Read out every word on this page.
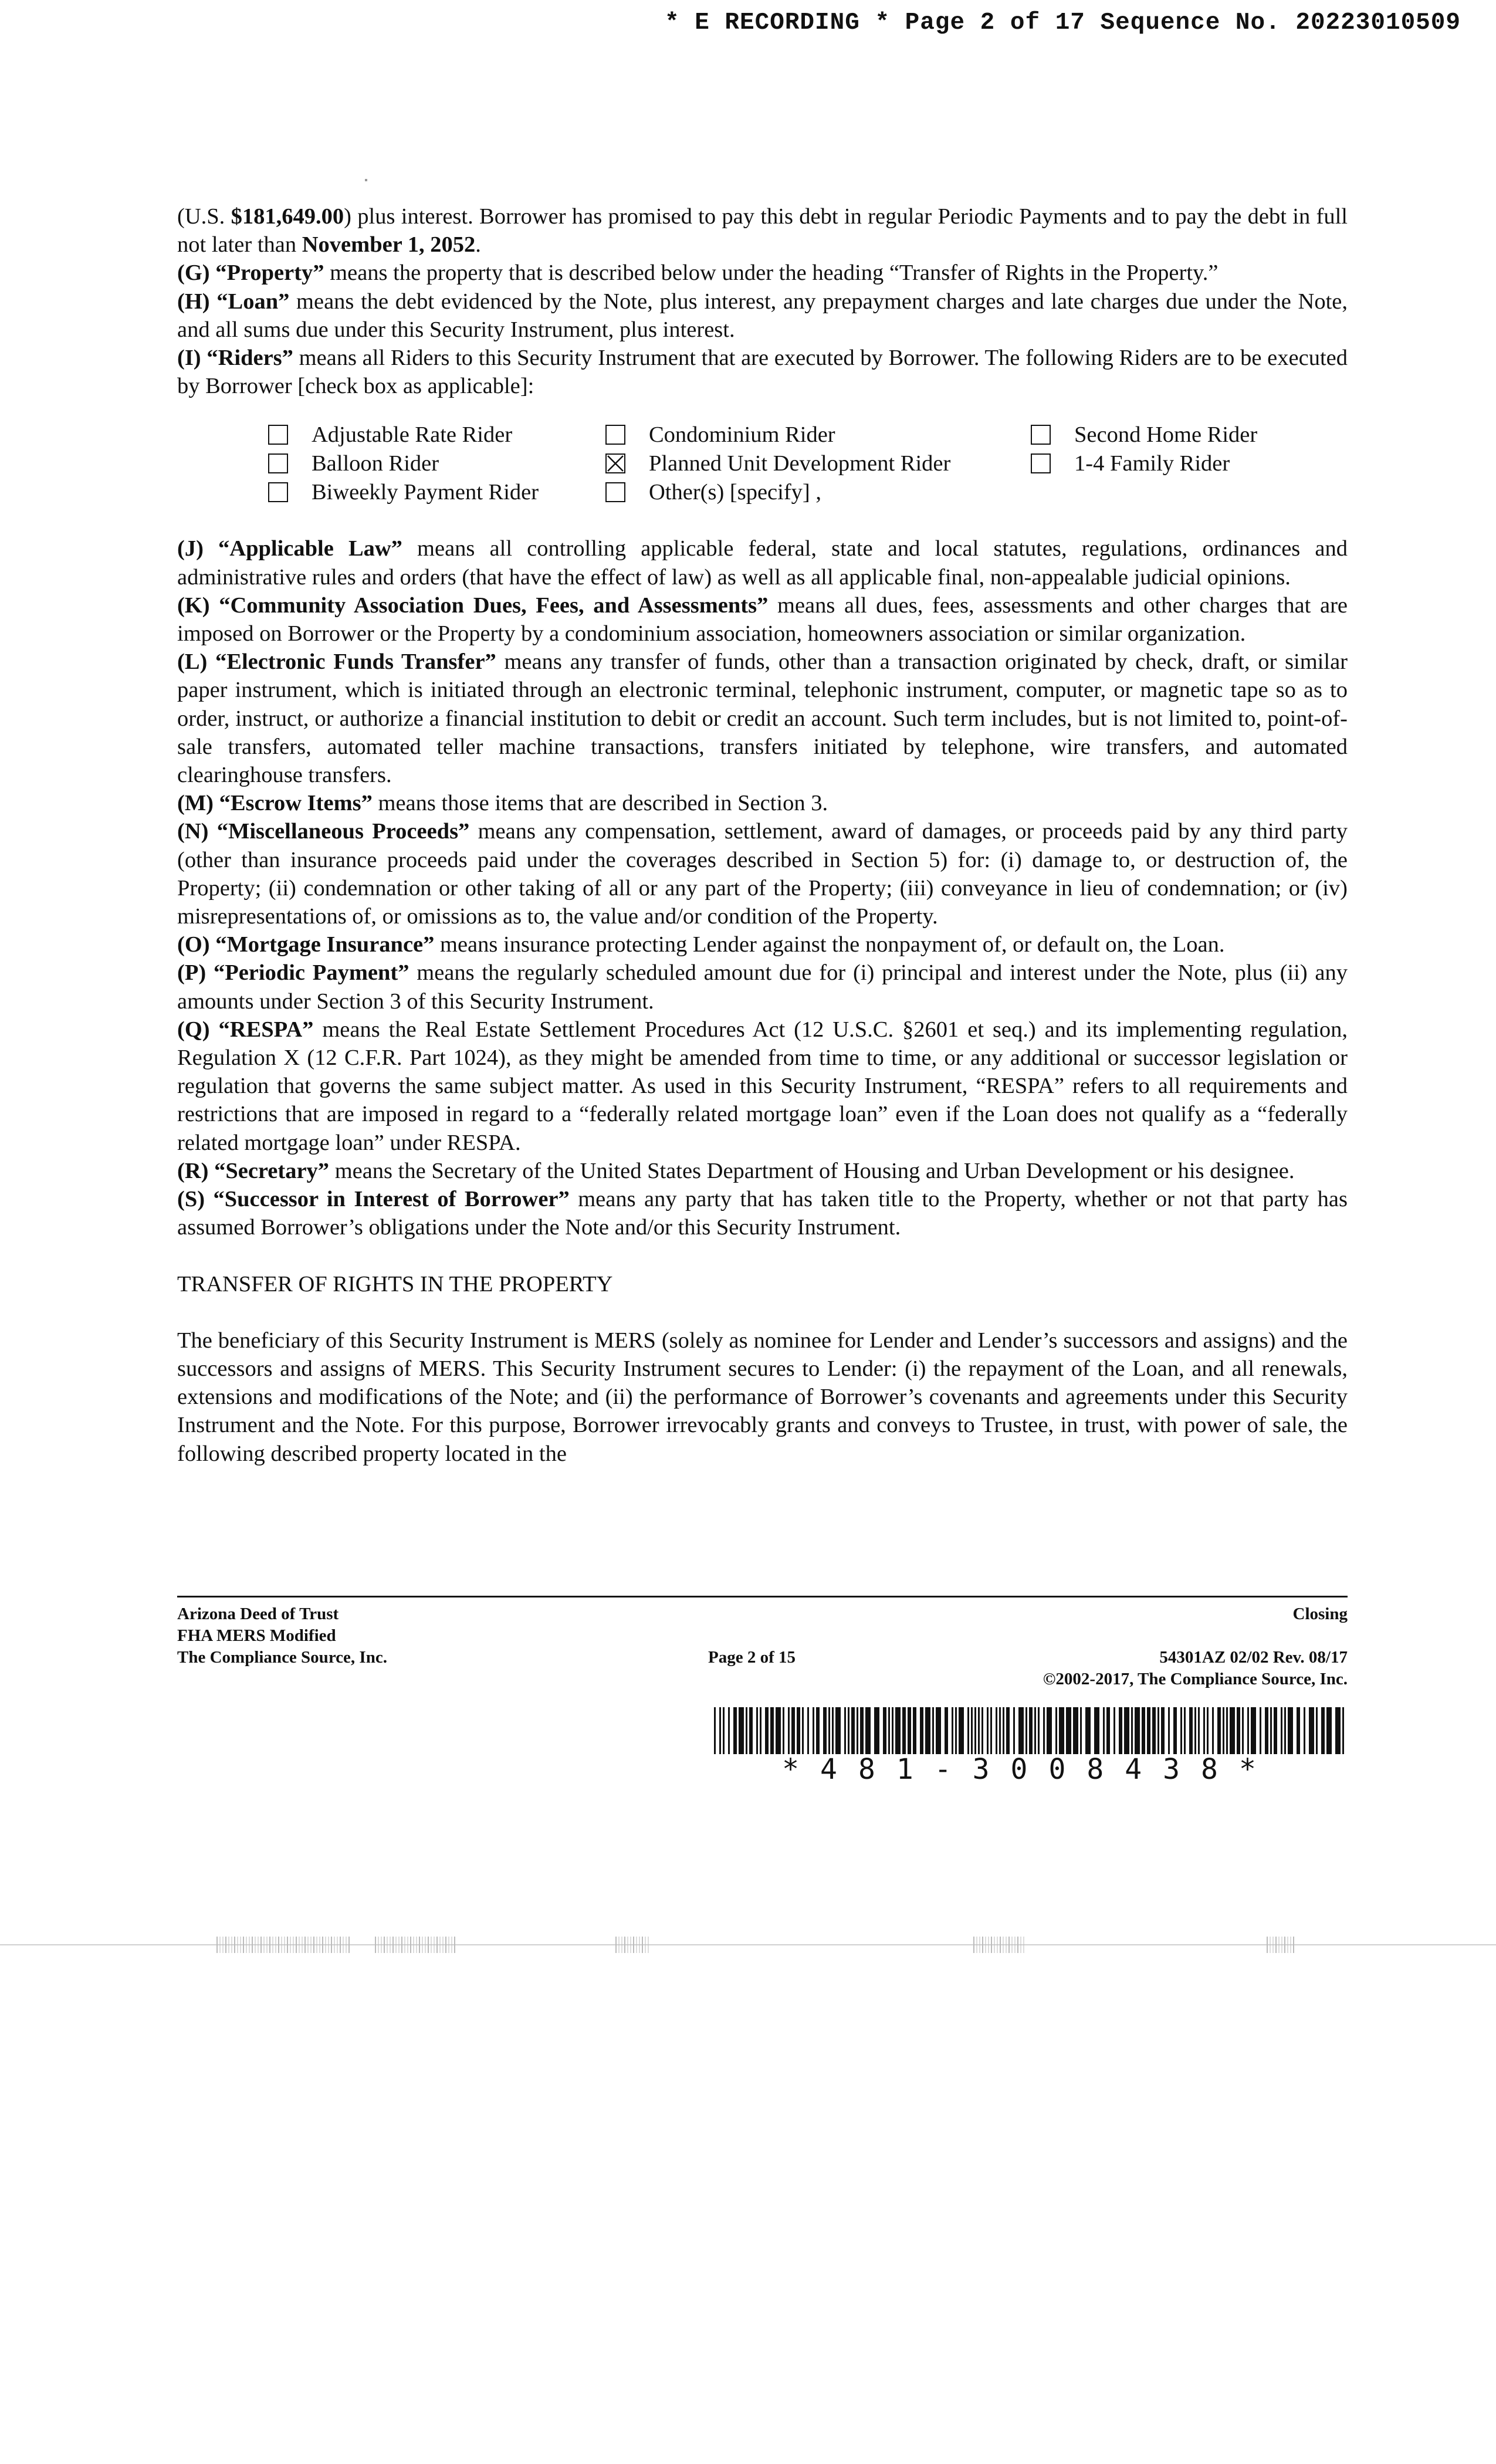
* E RECORDING * Page 2 of 17 Sequence No. 20223010509

(U.S. $181,649.00) plus interest. Borrower has promised to pay this debt in regular Periodic Payments and to pay the debt in full not later than November 1, 2052.

(G) “Property” means the property that is described below under the heading “Transfer of Rights in the Property.”

(H) “Loan” means the debt evidenced by the Note, plus interest, any prepayment charges and late charges due under the Note, and all sums due under this Security Instrument, plus interest.

(I) “Riders” means all Riders to this Security Instrument that are executed by Borrower. The following Riders are to be executed by Borrower [check box as applicable]:

Adjustable Rate Rider	Condominium Rider	Second Home Rider
Balloon Rider	Planned Unit Development Rider	1-4 Family Rider
Biweekly Payment Rider	Other(s) [specify] ,

(J) “Applicable Law” means all controlling applicable federal, state and local statutes, regulations, ordinances and administrative rules and orders (that have the effect of law) as well as all applicable final, non-appealable judicial opinions.

(K) “Community Association Dues, Fees, and Assessments” means all dues, fees, assessments and other charges that are imposed on Borrower or the Property by a condominium association, homeowners association or similar organization.

(L) “Electronic Funds Transfer” means any transfer of funds, other than a transaction originated by check, draft, or similar paper instrument, which is initiated through an electronic terminal, telephonic instrument, computer, or magnetic tape so as to order, instruct, or authorize a financial institution to debit or credit an account. Such term includes, but is not limited to, point-of-sale transfers, automated teller machine transactions, transfers initiated by telephone, wire transfers, and automated clearinghouse transfers.

(M) “Escrow Items” means those items that are described in Section 3.

(N) “Miscellaneous Proceeds” means any compensation, settlement, award of damages, or proceeds paid by any third party (other than insurance proceeds paid under the coverages described in Section 5) for: (i) damage to, or destruction of, the Property; (ii) condemnation or other taking of all or any part of the Property; (iii) conveyance in lieu of condemnation; or (iv) misrepresentations of, or omissions as to, the value and/or condition of the Property.

(O) “Mortgage Insurance” means insurance protecting Lender against the nonpayment of, or default on, the Loan.

(P) “Periodic Payment” means the regularly scheduled amount due for (i) principal and interest under the Note, plus (ii) any amounts under Section 3 of this Security Instrument.

(Q) “RESPA” means the Real Estate Settlement Procedures Act (12 U.S.C. §2601 et seq.) and its implementing regulation, Regulation X (12 C.F.R. Part 1024), as they might be amended from time to time, or any additional or successor legislation or regulation that governs the same subject matter. As used in this Security Instrument, “RESPA” refers to all requirements and restrictions that are imposed in regard to a “federally related mortgage loan” even if the Loan does not qualify as a “federally related mortgage loan” under RESPA.

(R) “Secretary” means the Secretary of the United States Department of Housing and Urban Development or his designee.

(S) “Successor in Interest of Borrower” means any party that has taken title to the Property, whether or not that party has assumed Borrower’s obligations under the Note and/or this Security Instrument.

TRANSFER OF RIGHTS IN THE PROPERTY

The beneficiary of this Security Instrument is MERS (solely as nominee for Lender and Lender’s successors and assigns) and the successors and assigns of MERS. This Security Instrument secures to Lender: (i) the repayment of the Loan, and all renewals, extensions and modifications of the Note; and (ii) the performance of Borrower’s covenants and agreements under this Security Instrument and the Note. For this purpose, Borrower irrevocably grants and conveys to Trustee, in trust, with power of sale, the following described property located in the

Arizona Deed of Trust
FHA MERS Modified
The Compliance Source, Inc.	Page 2 of 15
Closing
54301AZ 02/02 Rev. 08/17
©2002-2017, The Compliance Source, Inc.
*481-3008438*
